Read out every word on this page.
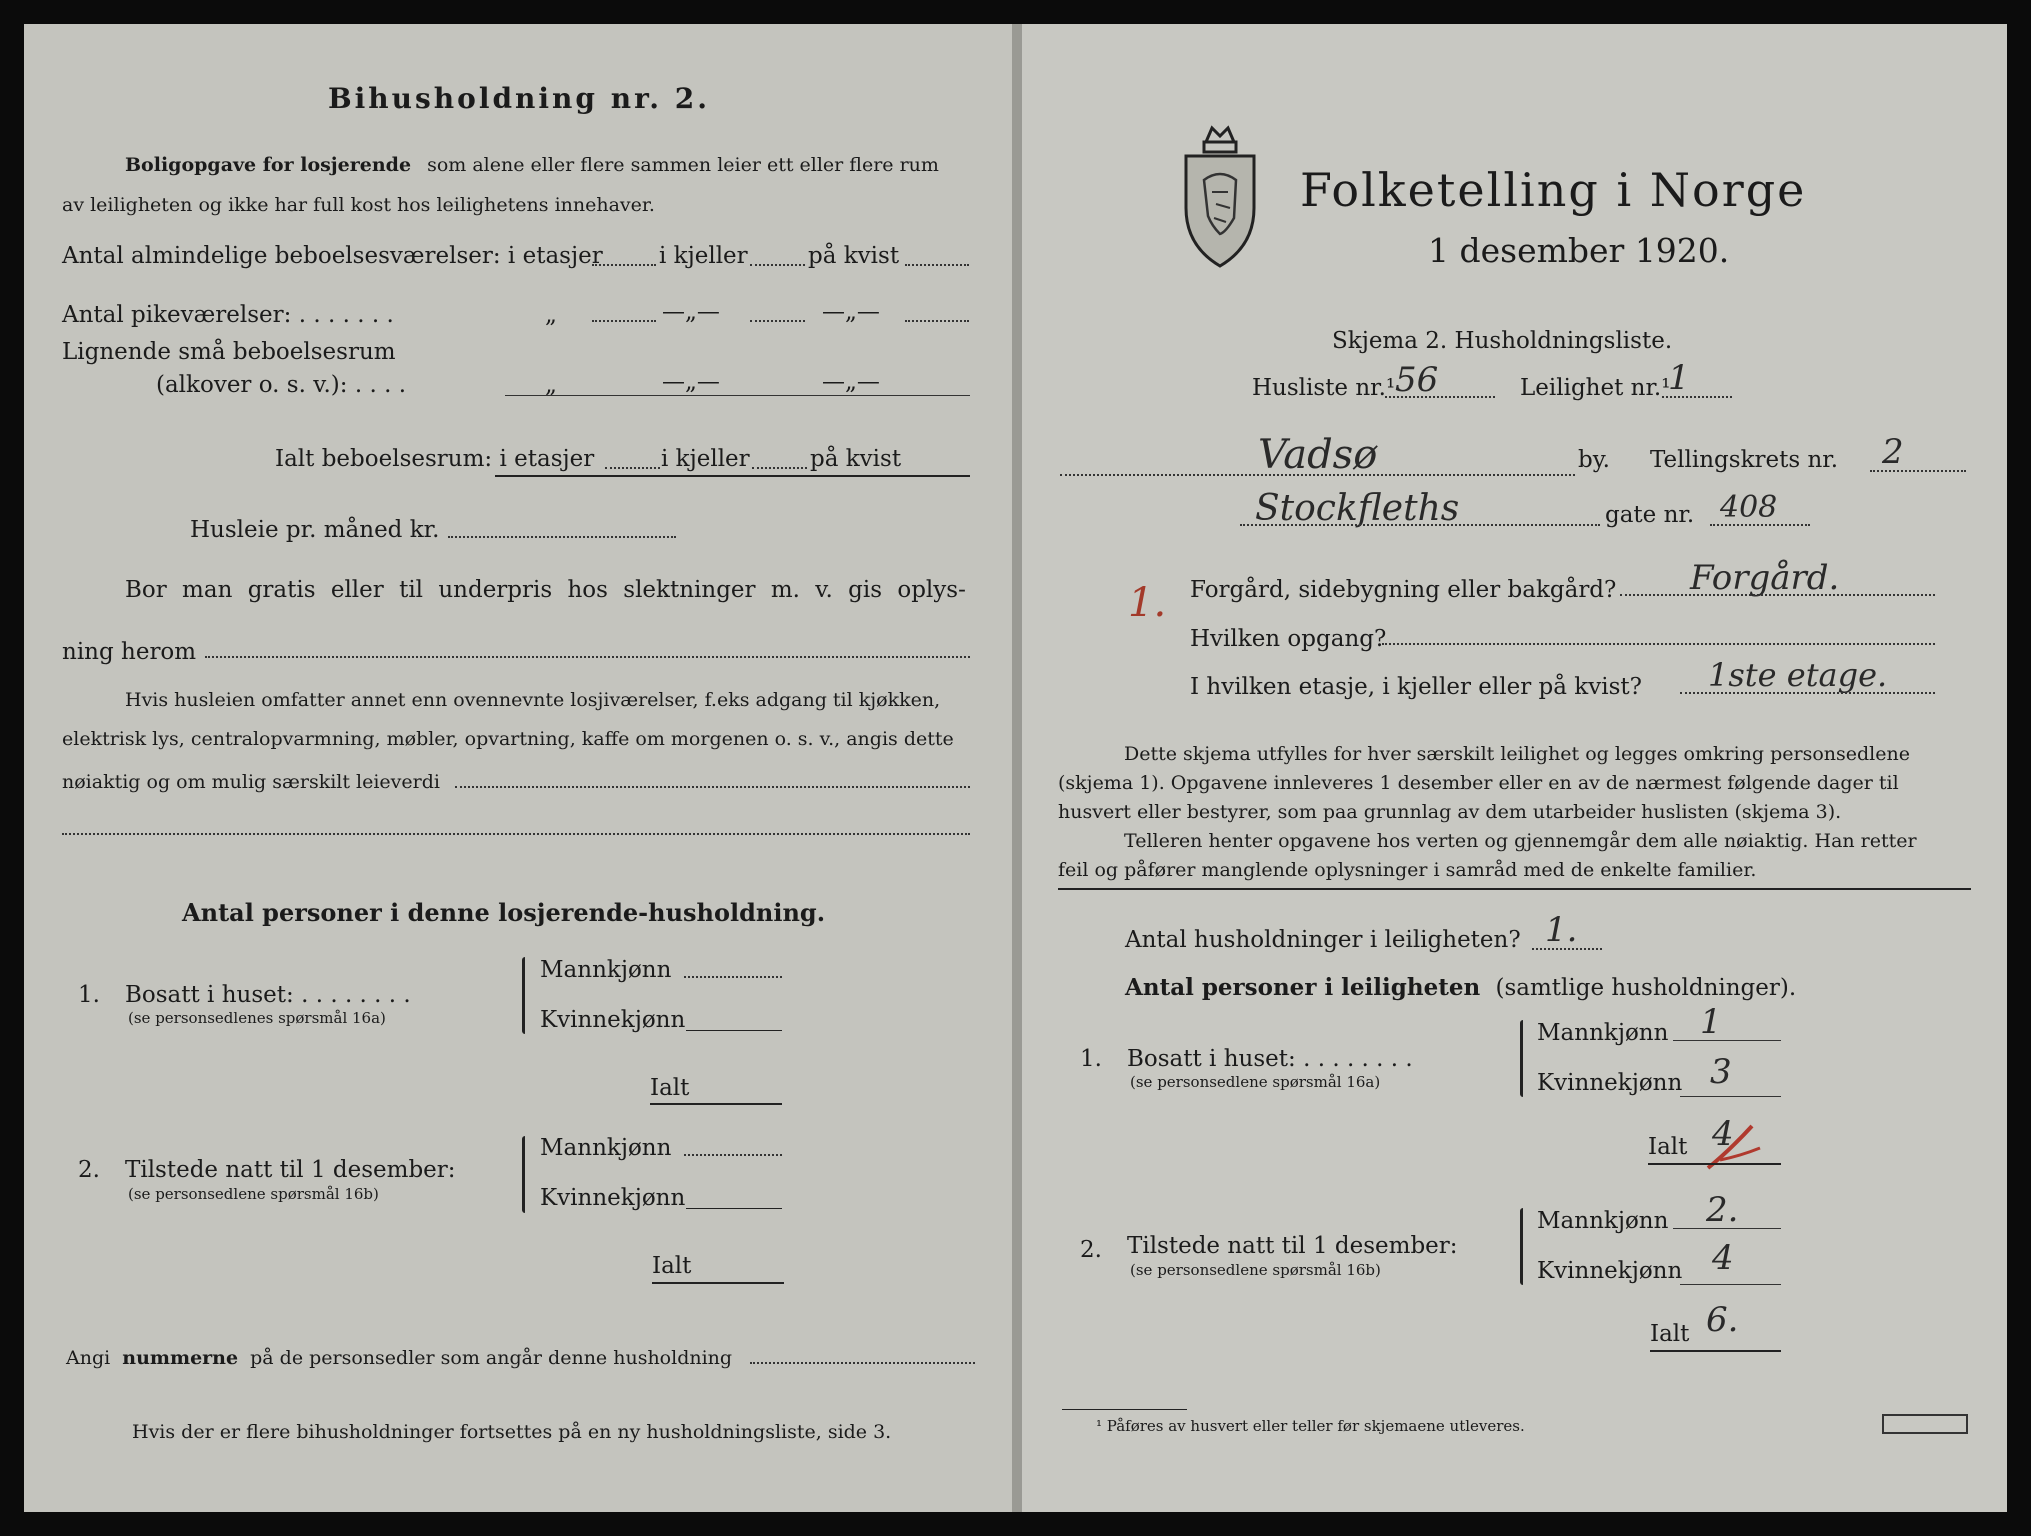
Bihusholdning nr. 2.
Boligopgave for losjerende som alene eller flere sammen leier ett eller flere rum
av leiligheten og ikke har full kost hos leilighetens innehaver.
Antal almindelige beboelsesværelser: i etasjer i kjeller	på kvist
Antal pikeværelser: . . . . . . .	„	—„—	—„—
Lignende små beboelsesrum
(alkover o. s. v.): . . . .	„	—„—	—„—
Ialt beboelsesrum: i etasjer	i kjeller	på kvist
Husleie pr. måned kr.
Bor man gratis eller til underpris hos slektninger m. v. gis oplys-
ning herom
Hvis husleien omfatter annet enn ovennevnte losjiværelser, f.eks adgang til kjøkken,
elektrisk lys, centralopvarmning, møbler, opvartning, kaffe om morgenen o. s. v., angis dette
nøiaktig og om mulig særskilt leieverdi
Antal personer i denne losjerende-husholdning.
1. Bosatt i huset: . . . . . . . .
(se personsedlenes spørsmål 16a)
Mannkjønn
Kvinnekjønn
Ialt
2. Tilstede natt til 1 desember:
(se personsedlene spørsmål 16b)
Mannkjønn
Kvinnekjønn
Ialt
Angi nummerne på de personsedler som angår denne husholdning
Hvis der er flere bihusholdninger fortsettes på en ny husholdningsliste, side 3.
Folketelling i Norge
1 desember 1920.
Skjema 2. Husholdningsliste.
Husliste nr.¹ 56	Leilighet nr.¹
1
Vadsø	by. Tellingskrets nr. 2
Stockfleths	gate nr. 408
1. Forgård, sidebygning eller bakgård? Forgård.
Hvilken opgang?
I hvilken etasje, i kjeller eller på kvist? 1ste etage.
Dette skjema utfylles for hver særskilt leilighet og legges omkring personsedlene
(skjema 1). Opgavene innleveres 1 desember eller en av de nærmest følgende dager til
husvert eller bestyrer, som paa grunnlag av dem utarbeider huslisten (skjema 3).
Telleren henter opgavene hos verten og gjennemgår dem alle nøiaktig. Han retter
feil og påfører manglende oplysninger i samråd med de enkelte familier.
Antal husholdninger i leiligheten? 1.
Antal personer i leiligheten (samtlige husholdninger).
1. Bosatt i huset: . . . . . . . .
(se personsedlene spørsmål 16a)
Mannkjønn 1
Kvinnekjønn 3
Ialt 4
2. Tilstede natt til 1 desember:
(se personsedlene spørsmål 16b)
Mannkjønn 2.
Kvinnekjønn 4
Ialt 6.
¹ Påføres av husvert eller teller før skjemaene utleveres.
